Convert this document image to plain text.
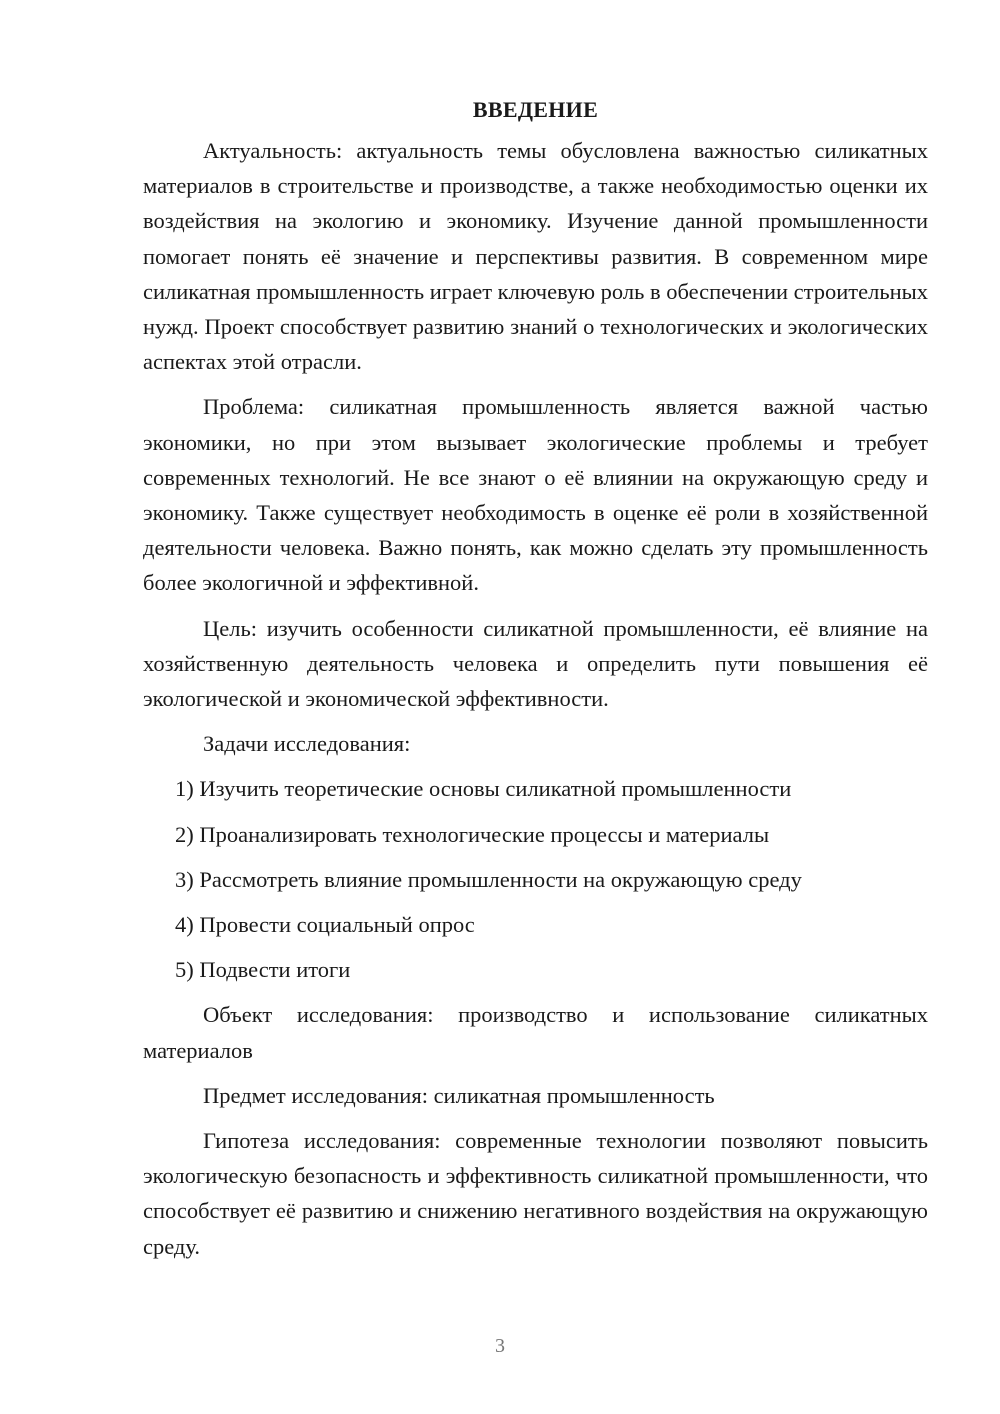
ВВЕДЕНИЕ

Актуальность: актуальность темы обусловлена важностью силикатных материалов в строительстве и производстве, а также необходимостью оценки их воздействия на экологию и экономику. Изучение данной промышленности помогает понять её значение и перспективы развития. В современном мире силикатная промышленность играет ключевую роль в обеспечении строительных нужд. Проект способствует развитию знаний о технологических и экологических аспектах этой отрасли.

Проблема: силикатная промышленность является важной частью экономики, но при этом вызывает экологические проблемы и требует современных технологий. Не все знают о её влиянии на окружающую среду и экономику. Также существует необходимость в оценке её роли в хозяйственной деятельности человека. Важно понять, как можно сделать эту промышленность более экологичной и эффективной.

Цель: изучить особенности силикатной промышленности, её влияние на хозяйственную деятельность человека и определить пути повышения её экологической и экономической эффективности.

Задачи исследования:

1) Изучить теоретические основы силикатной промышленности
2) Проанализировать технологические процессы и материалы
3) Рассмотреть влияние промышленности на окружающую среду
4) Провести социальный опрос
5) Подвести итоги

Объект исследования: производство и использование силикатных материалов

Предмет исследования: силикатная промышленность

Гипотеза исследования: современные технологии позволяют повысить экологическую безопасность и эффективность силикатной промышленности, что способствует её развитию и снижению негативного воздействия на окружающую среду.

3
